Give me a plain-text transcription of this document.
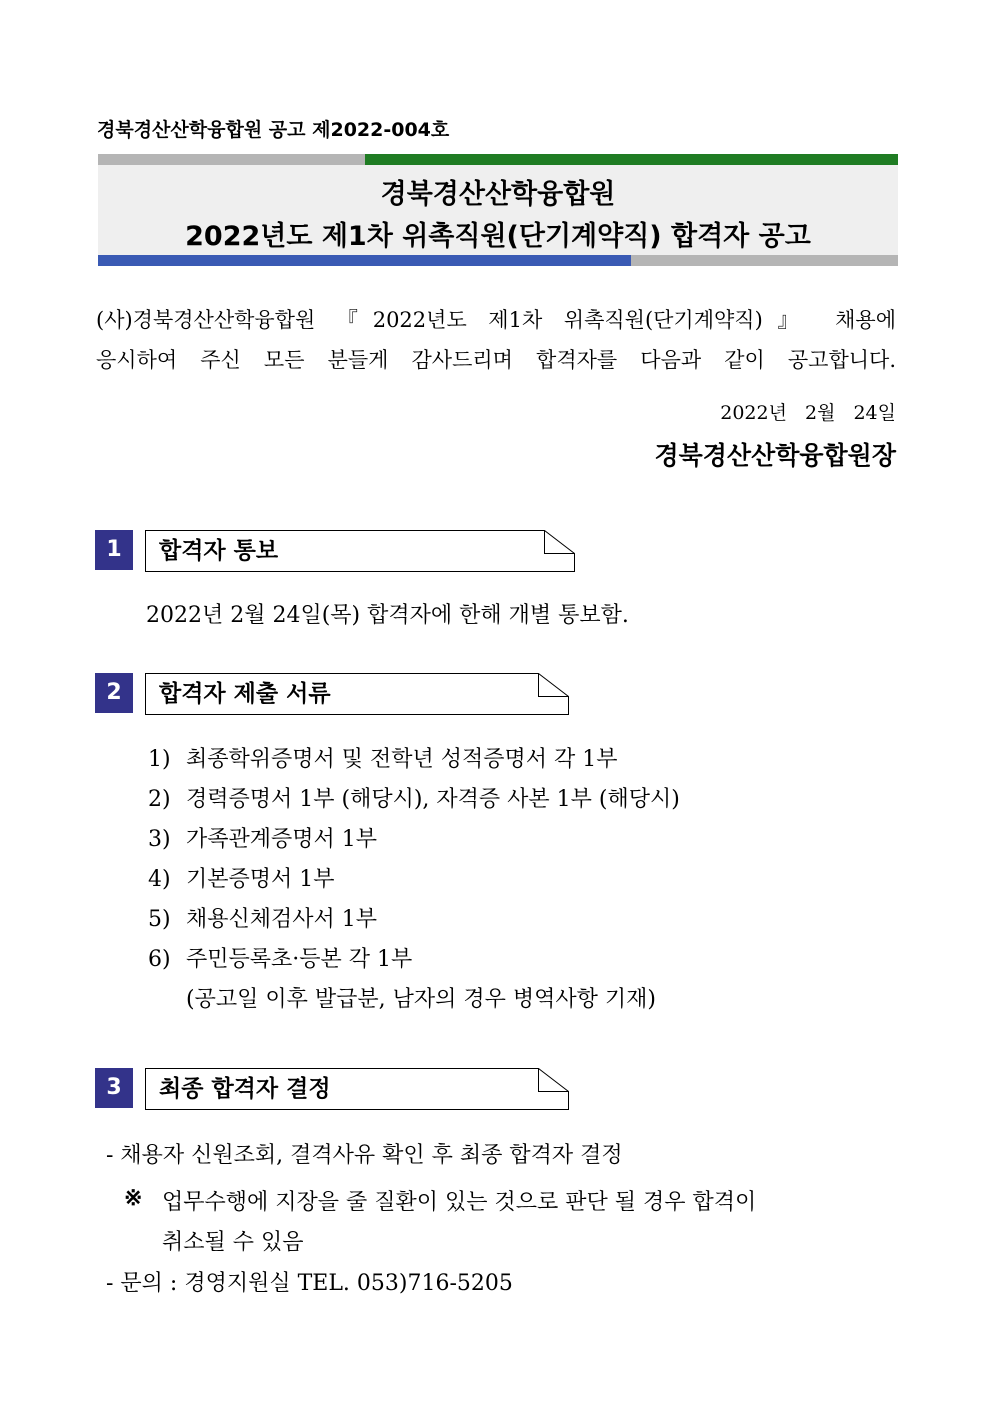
경북경산산학융합원 공고 제2022-004호
경북경산산학융합원
2022년도 제1차 위촉직원(단기계약직) 합격자 공고
(사)경북경산산학융합원 『2022년도 제1차 위촉직원(단기계약직)』 채용에
응시하여 주신 모든 분들게 감사드리며 합격자를 다음과 같이 공고합니다.
2022년 2월 24일
경북경산산학융합원장
1	합격자 통보
2022년 2월 24일(목) 합격자에 한해 개별 통보함.
2	합격자 제출 서류
1) 최종학위증명서 및 전학년 성적증명서 각 1부
2) 경력증명서 1부 (해당시), 자격증 사본 1부 (해당시)
3) 가족관계증명서 1부
4) 기본증명서 1부
5) 채용신체검사서 1부
6) 주민등록초·등본 각 1부
(공고일 이후 발급분, 남자의 경우 병역사항 기재)
3	최종 합격자 결정
- 채용자 신원조회, 결격사유 확인 후 최종 합격자 결정
※ 업무수행에 지장을 줄 질환이 있는 것으로 판단 될 경우 합격이
취소될 수 있음
- 문의 : 경영지원실 TEL. 053)716-5205
